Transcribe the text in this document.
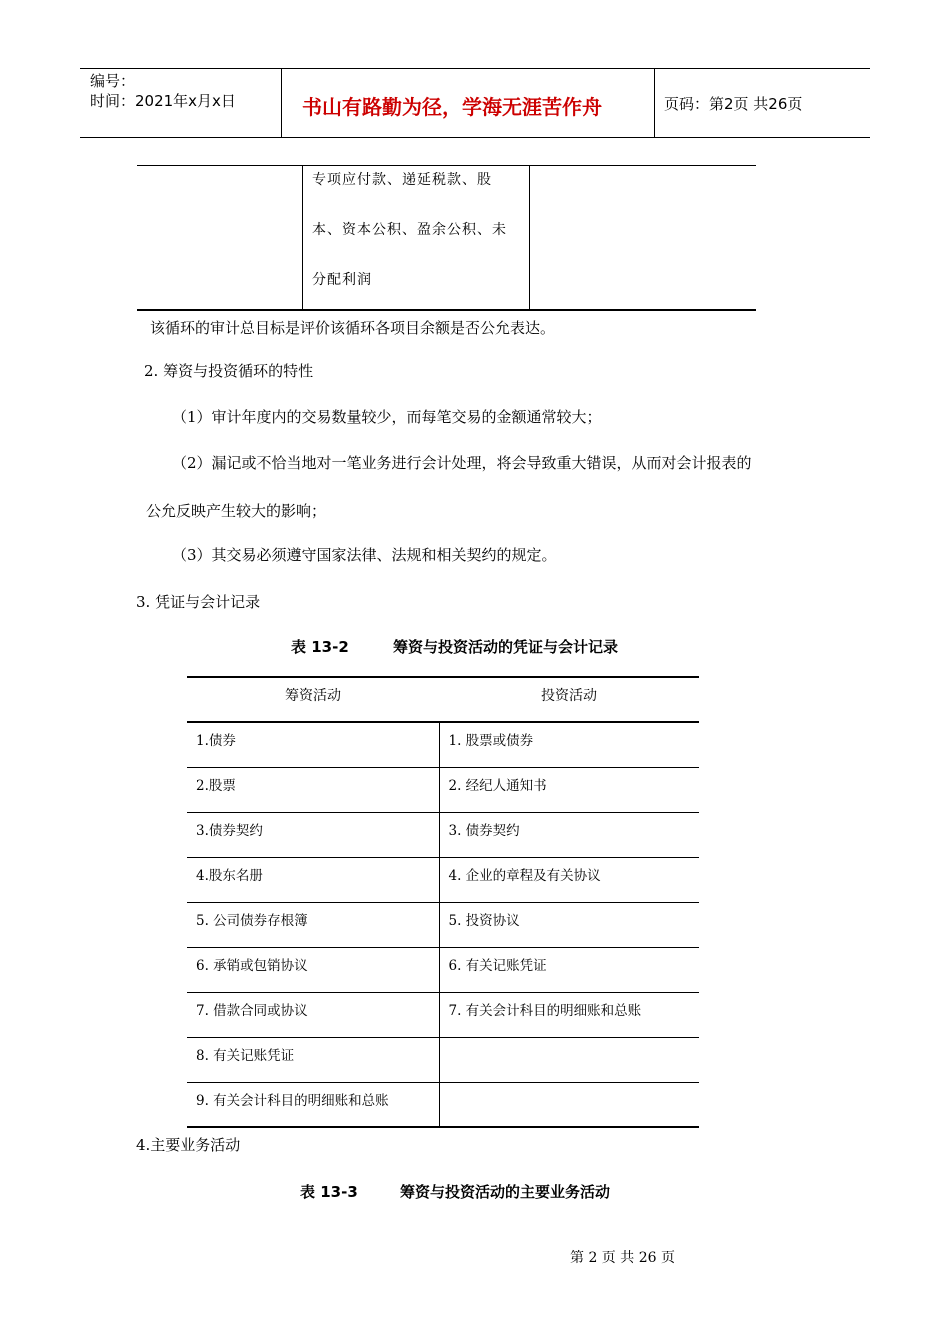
编号：
时间：2021年x月x日	书山有路勤为径，学海无涯苦作舟	页码：第2页 共26页
专项应付款、递延税款、股
本、资本公积、盈余公积、未
分配利润
该循环的审计总目标是评价该循环各项目余额是否公允表达。
2. 筹资与投资循环的特性
（1）审计年度内的交易数量较少，而每笔交易的金额通常较大；
（2）漏记或不恰当地对一笔业务进行会计处理，将会导致重大错误，从而对会计报表的
公允反映产生较大的影响；
（3）其交易必须遵守国家法律、法规和相关契约的规定。
3. 凭证与会计记录
表 13-2	筹资与投资活动的凭证与会计记录
筹资活动	投资活动
1.债券	1. 股票或债券
2.股票	2. 经纪人通知书
3.债券契约	3. 债券契约
4.股东名册	4. 企业的章程及有关协议
5. 公司债券存根簿	5. 投资协议
6. 承销或包销协议	6. 有关记账凭证
7. 借款合同或协议	7. 有关会计科目的明细账和总账
8. 有关记账凭证	
9. 有关会计科目的明细账和总账	
4.主要业务活动
表 13-3	筹资与投资活动的主要业务活动
第 2 页 共 26 页
